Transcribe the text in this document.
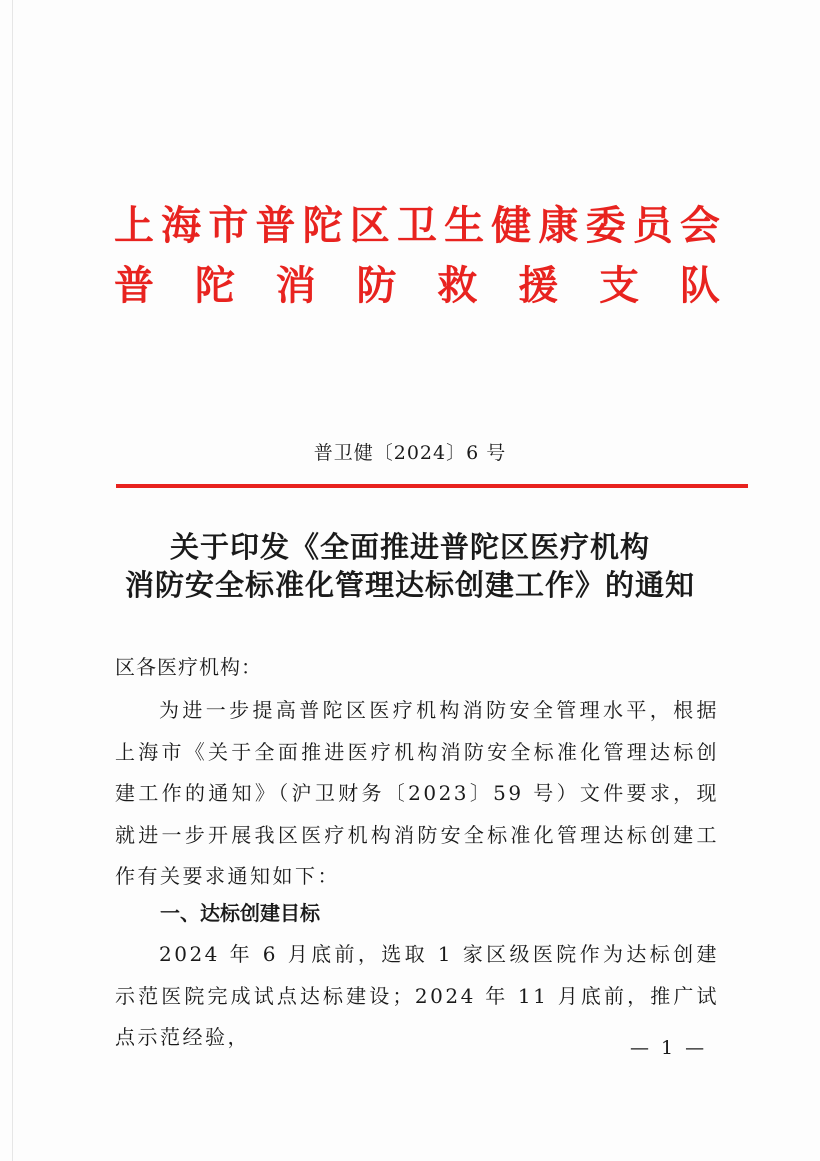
上 海 市 普 陀 区 卫 生 健 康 委 员 会
普 陀 消 防 救 援 支 队
普卫健〔2024〕6 号
关于印发《全面推进普陀区医疗机构
消防安全标准化管理达标创建工作》的通知
区各医疗机构：

为进一步提高普陀区医疗机构消防安全管理水平，根据上海市《关于全面推进医疗机构消防安全标准化管理达标创建工作的通知》（沪卫财务〔2023〕59 号）文件要求，现就进一步开展我区医疗机构消防安全标准化管理达标创建工作有关要求通知如下：

一、达标创建目标

2024 年 6 月底前，选取 1 家区级医院作为达标创建示范医院完成试点达标建设；2024 年 11 月底前，推广试点示范经验，	— 1 —
